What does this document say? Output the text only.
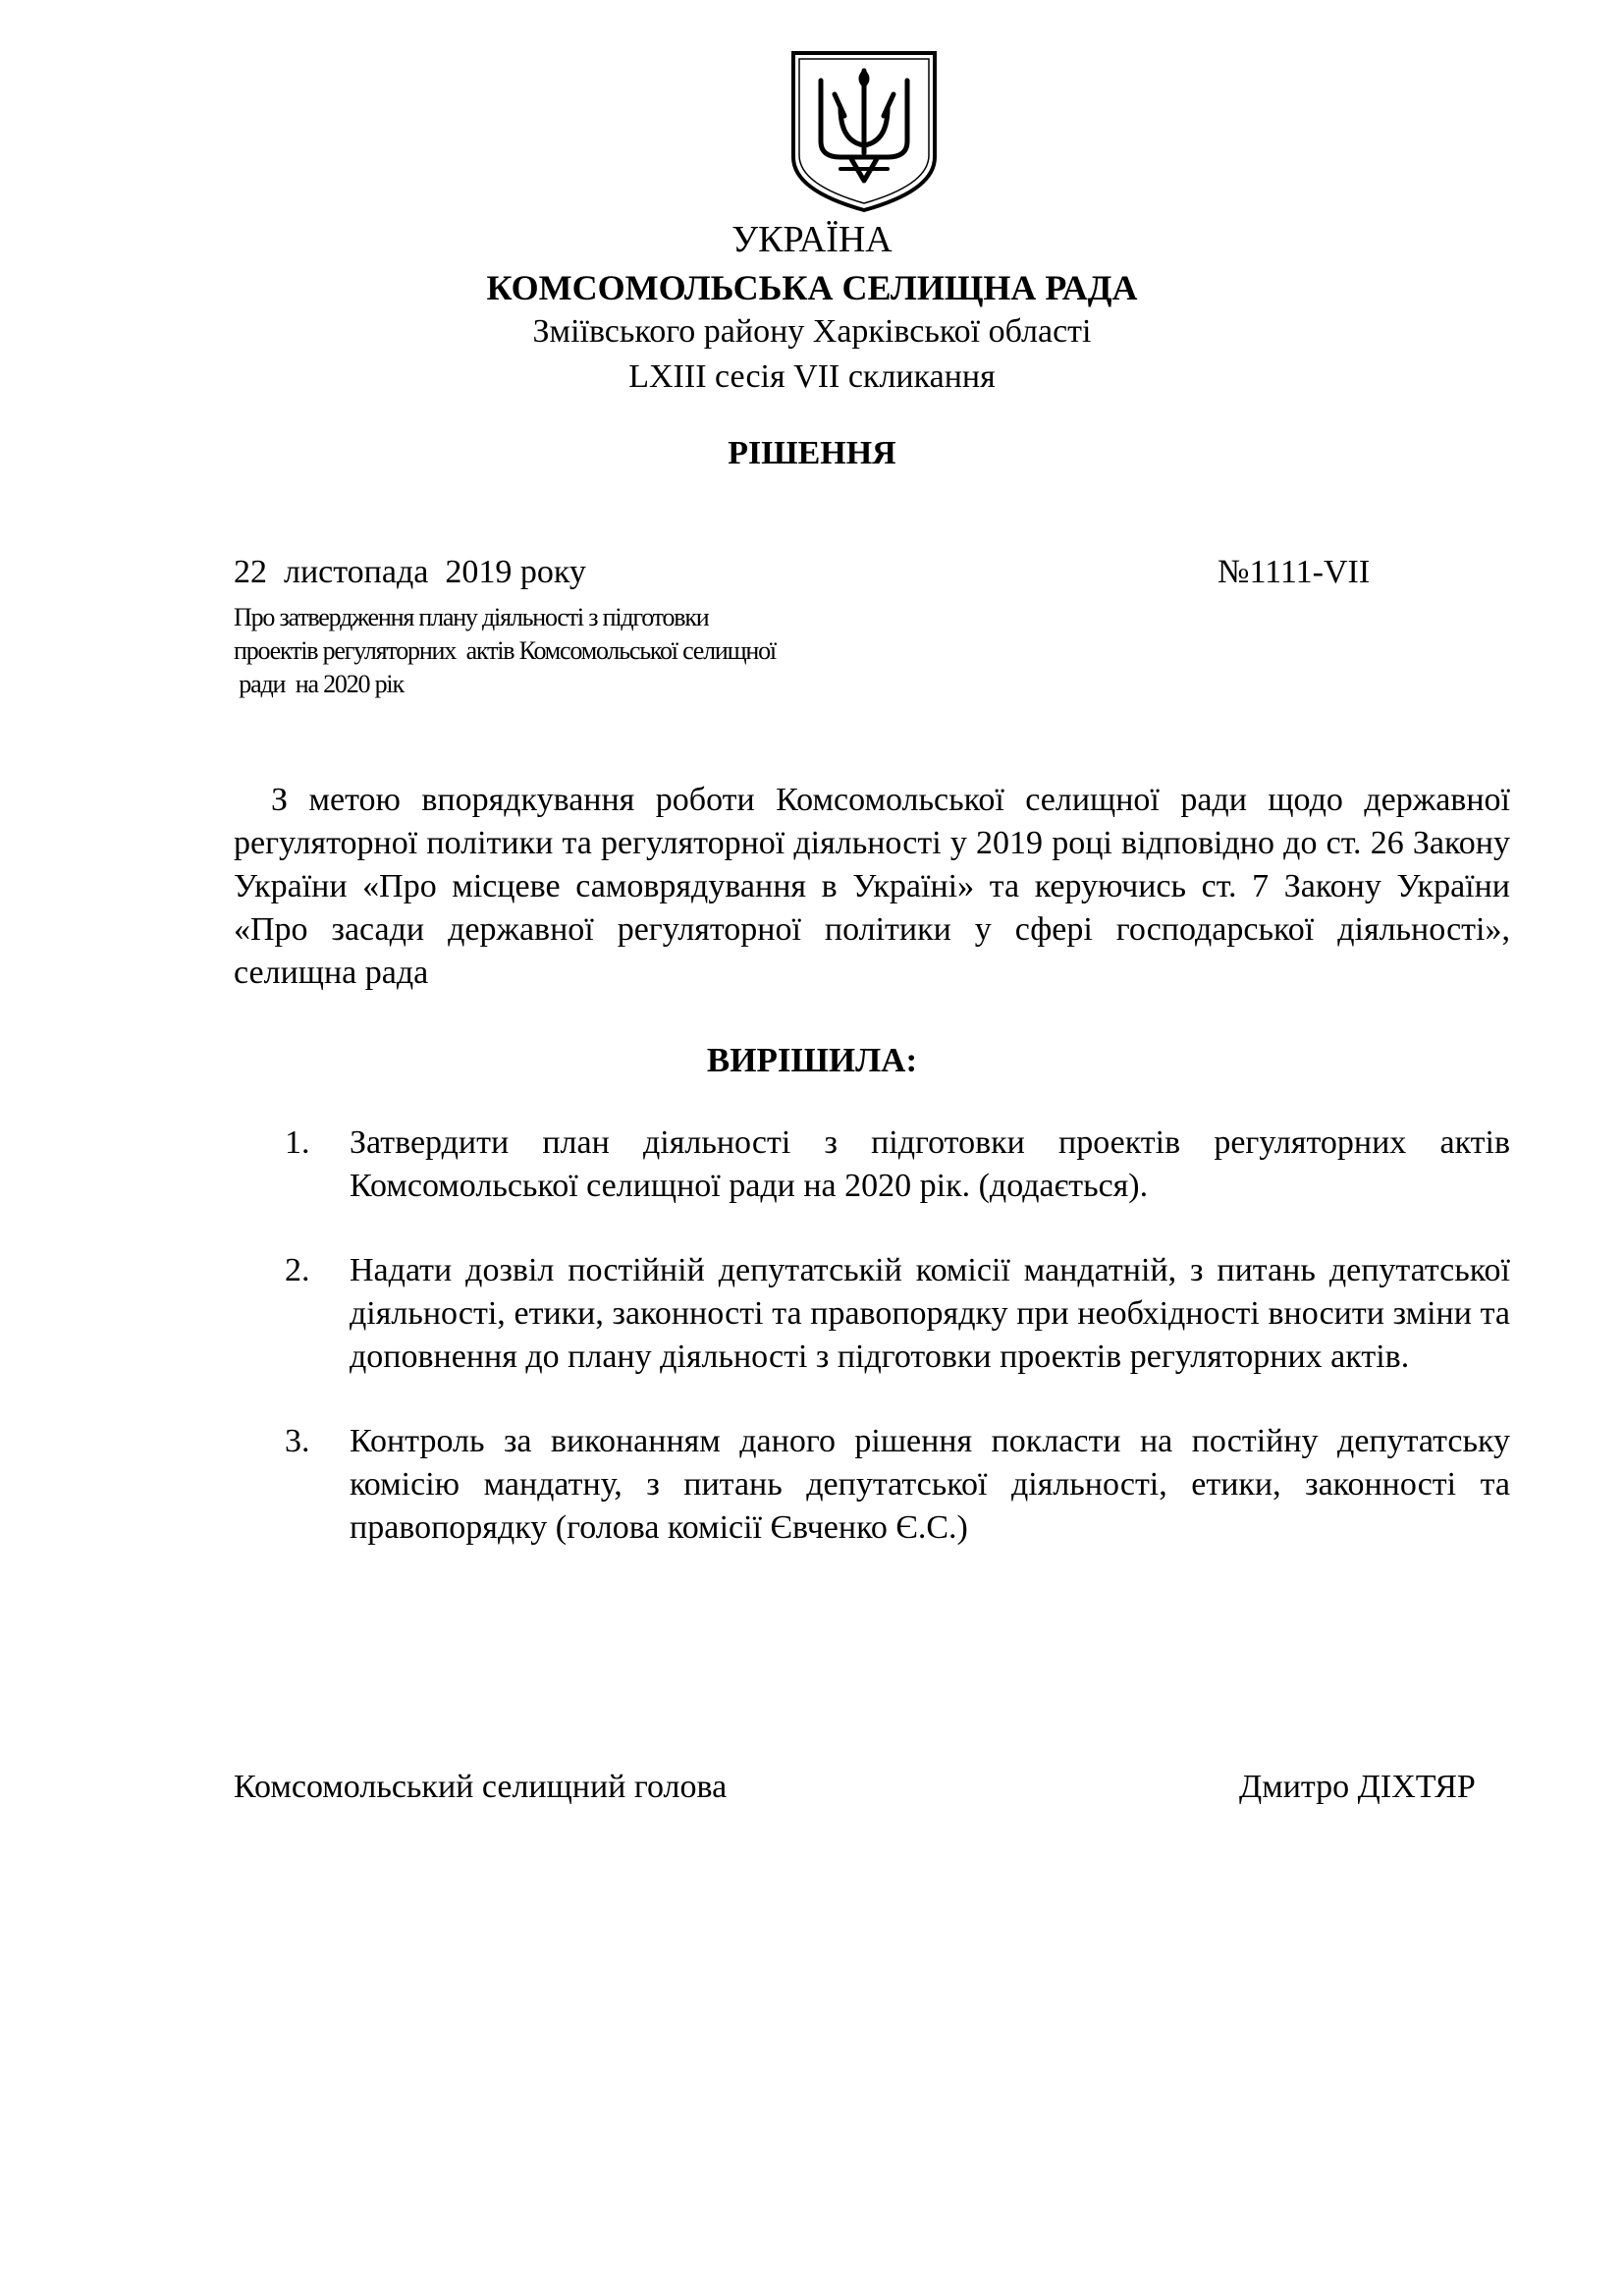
УКРАЇНА
КОМСОМОЛЬСЬКА СЕЛИЩНА РАДА
Зміївського району Харківської області
LXIII сесія VII скликання
РІШЕННЯ
22  листопада  2019 року	№1111-VII
Про затвердження плану діяльності з підготовки
проектів регуляторних  актів Комсомольської селищної
ради  на 2020 рік
З метою впорядкування роботи Комсомольської селищної ради щодо державної регуляторної політики та регуляторної діяльності у 2019 році відповідно до ст. 26 Закону України «Про місцеве самоврядування в Україні» та керуючись ст. 7 Закону України «Про засади державної регуляторної політики у сфері господарської діяльності», селищна рада
ВИРІШИЛА:
1. Затвердити план діяльності з підготовки проектів регуляторних актів Комсомольської селищної ради на 2020 рік. (додається).
2. Надати дозвіл постійній депутатській комісії мандатній, з питань депутатської діяльності, етики, законності та правопорядку при необхідності вносити зміни та доповнення до плану діяльності з підготовки проектів регуляторних актів.
3. Контроль за виконанням даного рішення покласти на постійну депутатську комісію мандатну, з питань депутатської діяльності, етики, законності та правопорядку (голова комісії Євченко Є.С.)
Комсомольський селищний голова	Дмитро ДІХТЯР
